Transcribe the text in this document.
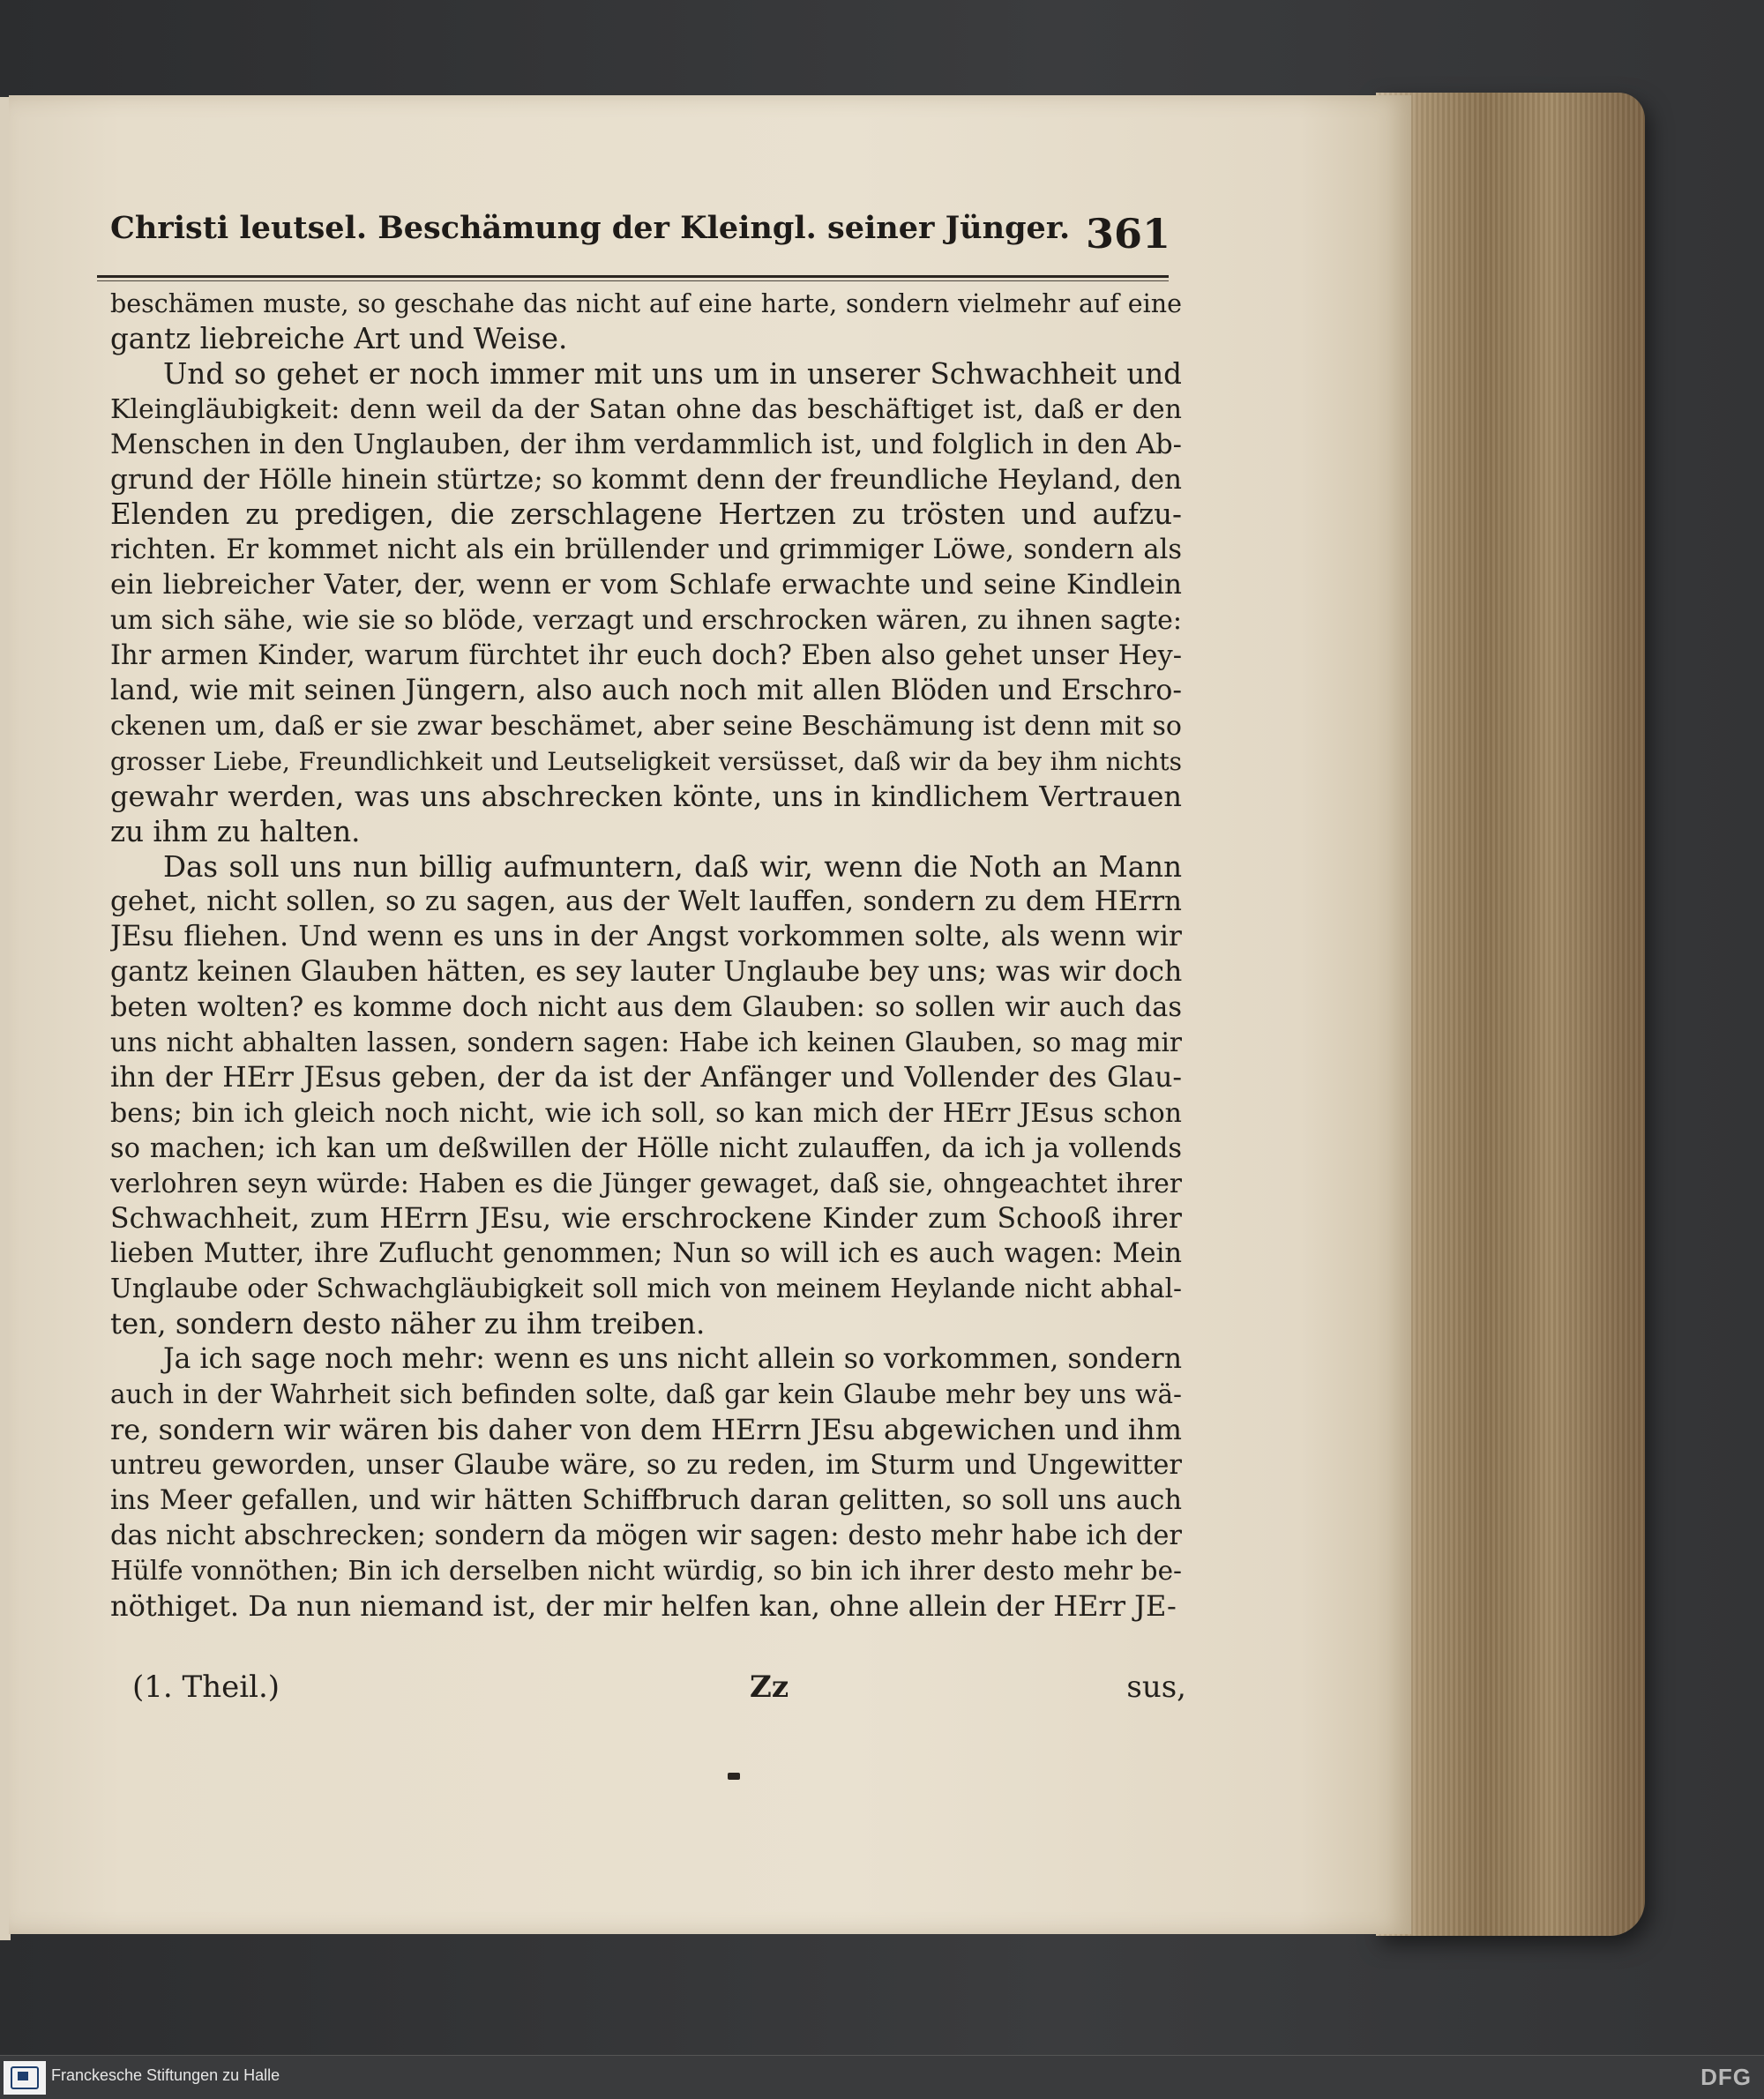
Christi leutsel. Beschämung der Kleingl. seiner Jünger. 361

beschämen muste, so geschahe das nicht auf eine harte, sondern vielmehr auf eine
gantz liebreiche Art und Weise.

Und so gehet er noch immer mit uns um in unserer Schwachheit und
Kleingläubigkeit: denn weil da der Satan ohne das beschäftiget ist, daß er den
Menschen in den Unglauben, der ihm verdammlich ist, und folglich in den Ab-
grund der Hölle hinein stürtze; so kommt denn der freundliche Heyland, den
Elenden zu predigen, die zerschlagene Hertzen zu trösten und aufzu-
richten. Er kommet nicht als ein brüllender und grimmiger Löwe, sondern als
ein liebreicher Vater, der, wenn er vom Schlafe erwachte und seine Kindlein
um sich sähe, wie sie so blöde, verzagt und erschrocken wären, zu ihnen sagte:
Ihr armen Kinder, warum fürchtet ihr euch doch? Eben also gehet unser Hey-
land, wie mit seinen Jüngern, also auch noch mit allen Blöden und Erschro-
ckenen um, daß er sie zwar beschämet, aber seine Beschämung ist denn mit so
grosser Liebe, Freundlichkeit und Leutseligkeit versüsset, daß wir da bey ihm nichts
gewahr werden, was uns abschrecken könte, uns in kindlichem Vertrauen
zu ihm zu halten.

Das soll uns nun billig aufmuntern, daß wir, wenn die Noth an Mann
gehet, nicht sollen, so zu sagen, aus der Welt lauffen, sondern zu dem HErrn
JEsu fliehen. Und wenn es uns in der Angst vorkommen solte, als wenn wir
gantz keinen Glauben hätten, es sey lauter Unglaube bey uns; was wir doch
beten wolten? es komme doch nicht aus dem Glauben: so sollen wir auch das
uns nicht abhalten lassen, sondern sagen: Habe ich keinen Glauben, so mag mir
ihn der HErr JEsus geben, der da ist der Anfänger und Vollender des Glau-
bens; bin ich gleich noch nicht, wie ich soll, so kan mich der HErr JEsus schon
so machen; ich kan um deßwillen der Hölle nicht zulauffen, da ich ja vollends
verlohren seyn würde: Haben es die Jünger gewaget, daß sie, ohngeachtet ihrer
Schwachheit, zum HErrn JEsu, wie erschrockene Kinder zum Schooß ihrer
lieben Mutter, ihre Zuflucht genommen; Nun so will ich es auch wagen: Mein
Unglaube oder Schwachgläubigkeit soll mich von meinem Heylande nicht abhal-
ten, sondern desto näher zu ihm treiben.

Ja ich sage noch mehr: wenn es uns nicht allein so vorkommen, sondern
auch in der Wahrheit sich befinden solte, daß gar kein Glaube mehr bey uns wä-
re, sondern wir wären bis daher von dem HErrn JEsu abgewichen und ihm
untreu geworden, unser Glaube wäre, so zu reden, im Sturm und Ungewitter
ins Meer gefallen, und wir hätten Schiffbruch daran gelitten, so soll uns auch
das nicht abschrecken; sondern da mögen wir sagen: desto mehr habe ich der
Hülfe vonnöthen; Bin ich derselben nicht würdig, so bin ich ihrer desto mehr be-
nöthiget. Da nun niemand ist, der mir helfen kan, ohne allein der HErr JE-

(1. Theil.)	Zz	sus,
Franckesche Stiftungen zu Halle	DFG
